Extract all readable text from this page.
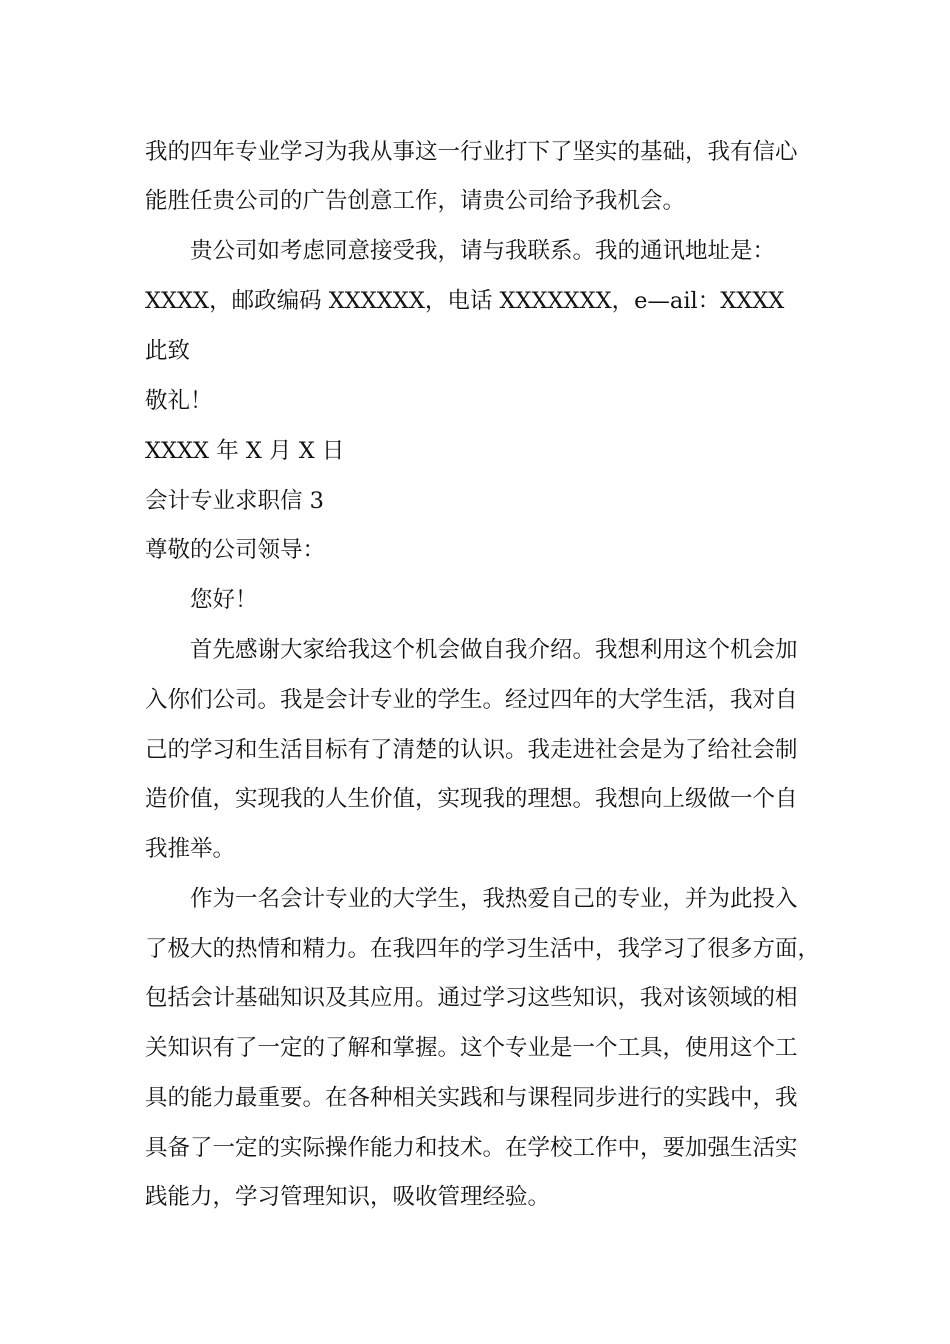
我的四年专业学习为我从事这一行业打下了坚实的基础，我有信心
能胜任贵公司的广告创意工作，请贵公司给予我机会。
贵公司如考虑同意接受我，请与我联系。我的通讯地址是：
XXXX，邮政编码 XXXXXX，电话 XXXXXXX，e—ail：XXXX
此致
敬礼！
XXXX 年 X 月 X 日
会计专业求职信 3
尊敬的公司领导：
您好！
首先感谢大家给我这个机会做自我介绍。我想利用这个机会加
入你们公司。我是会计专业的学生。经过四年的大学生活，我对自
己的学习和生活目标有了清楚的认识。我走进社会是为了给社会制
造价值，实现我的人生价值，实现我的理想。我想向上级做一个自
我推举。
作为一名会计专业的大学生，我热爱自己的专业，并为此投入
了极大的热情和精力。在我四年的学习生活中，我学习了很多方面，
包括会计基础知识及其应用。通过学习这些知识，我对该领域的相
关知识有了一定的了解和掌握。这个专业是一个工具，使用这个工
具的能力最重要。在各种相关实践和与课程同步进行的实践中，我
具备了一定的实际操作能力和技术。在学校工作中，要加强生活实
践能力，学习管理知识，吸收管理经验。
